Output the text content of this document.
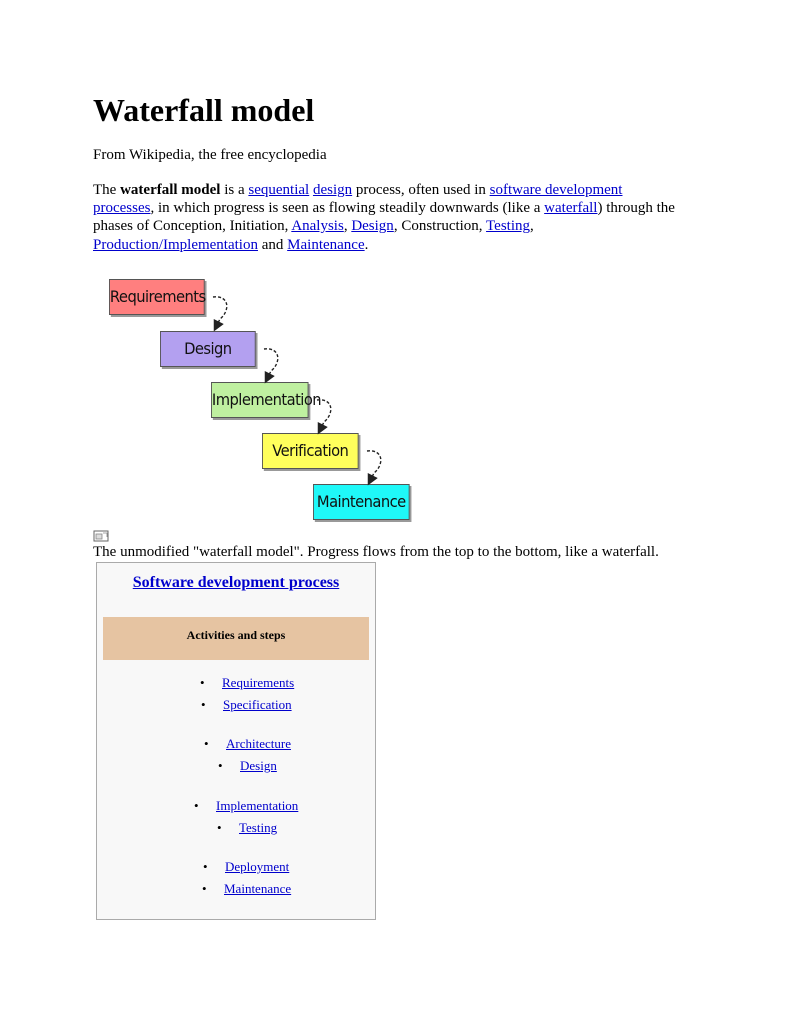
Waterfall model
From Wikipedia, the free encyclopedia
The waterfall model is a sequential design process, often used in software development
processes, in which progress is seen as flowing steadily downwards (like a waterfall) through the
phases of Conception, Initiation, Analysis, Design, Construction, Testing,
Production/Implementation and Maintenance.
Requirements
Design
Implementation
Verification
Maintenance
The unmodified "waterfall model". Progress flows from the top to the bottom, like a waterfall.
Software development process
Activities and steps
• Requirements
• Specification
• Architecture
• Design
• Implementation
• Testing
• Deployment
• Maintenance
